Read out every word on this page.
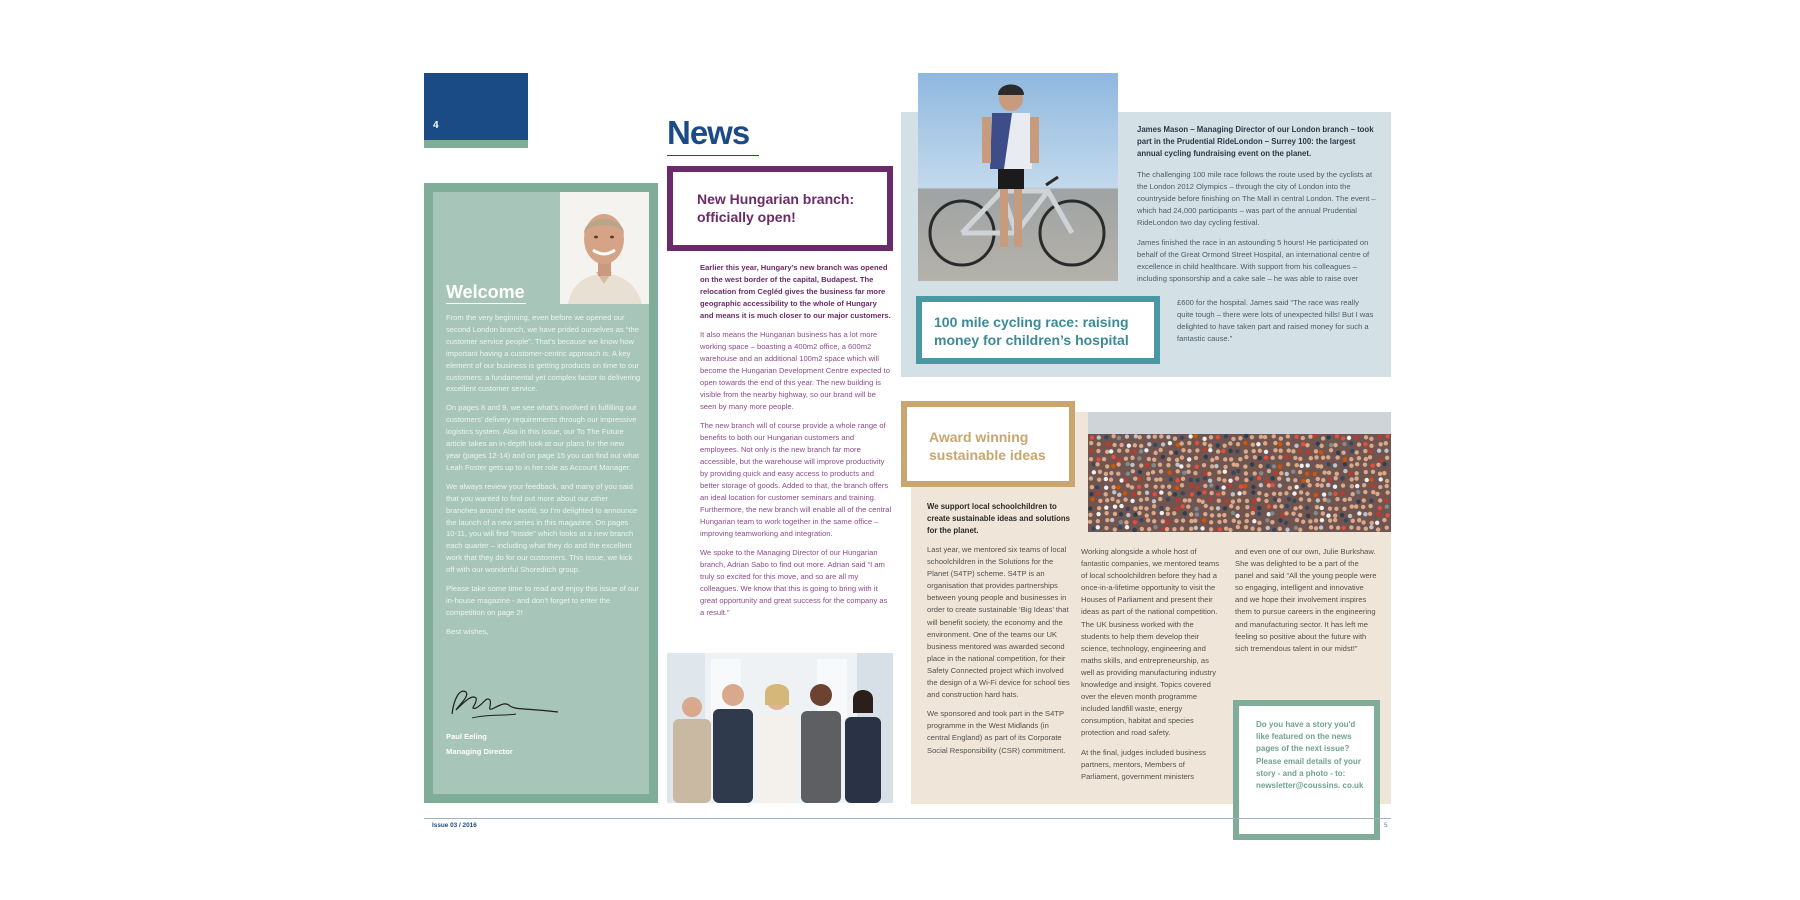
4
Welcome

From the very beginning, even before we opened our second London branch, we have prided ourselves as “the customer service people”. That’s because we know how important having a customer-centric approach is. A key element of our business is getting products on time to our customers: a fundamental yet complex factor to delivering excellent customer service.

On pages 8 and 9, we see what’s involved in fulfilling our customers’ delivery requirements through our impressive logistics system. Also in this issue, our To The Future article takes an in-depth look at our plans for the new year (pages 12-14) and on page 15 you can find out what Leah Foster gets up to in her role as Account Manager.

We always review your feedback, and many of you said that you wanted to find out more about our other branches around the world, so I’m delighted to announce the launch of a new series in this magazine. On pages 10-11, you will find “Inside” which looks at a new branch each quarter – including what they do and the excellent work that they do for our customers. This issue, we kick off with our wonderful Shoreditch group.

Please take some time to read and enjoy this issue of our in-house magazine - and don’t forget to enter the competition on page 2!

Best wishes,

Paul Eeling
Managing Director
News
New Hungarian branch: officially open!

Earlier this year, Hungary’s new branch was opened on the west border of the capital, Budapest. The relocation from Cegléd gives the business far more geographic accessibility to the whole of Hungary and means it is much closer to our major customers.

It also means the Hungarian business has a lot more working space – boasting a 400m2 office, a 600m2 warehouse and an additional 100m2 space which will become the Hungarian Development Centre expected to open towards the end of this year. The new building is visible from the nearby highway, so our brand will be seen by many more people.

The new branch will of course provide a whole range of benefits to both our Hungarian customers and employees. Not only is the new branch far more accessible, but the warehouse will improve productivity by providing quick and easy access to products and better storage of goods. Added to that, the branch offers an ideal location for customer seminars and training. Furthermore, the new branch will enable all of the central Hungarian team to work together in the same office – improving teamworking and integration.

We spoke to the Managing Director of our Hungarian branch, Adrian Sabo to find out more. Adrian said “I am truly so excited for this move, and so are all my colleagues. We know that this is going to bring with it great opportunity and great success for the company as a result.”

100 mile cycling race: raising money for children’s hospital
James Mason – Managing Director of our London branch – took part in the Prudential RideLondon – Surrey 100: the largest annual cycling fundraising event on the planet.
The challenging 100 mile race follows the route used by the cyclists at the London 2012 Olympics – through the city of London into the countryside before finishing on The Mall in central London. The event – which had 24,000 participants – was part of the annual Prudential RideLondon two day cycling festival.
James finished the race in an astounding 5 hours! He participated on behalf of the Great Ormond Street Hospital, an international centre of excellence in child healthcare. With support from his colleagues – including sponsorship and a cake sale – he was able to raise over
£600 for the hospital. James said “The race was really quite tough – there were lots of unexpected hills! But I was delighted to have taken part and raised money for such a fantastic cause.”
Award winning sustainable ideas
We support local schoolchildren to create sustainable ideas and solutions for the planet.

Last year, we mentored six teams of local schoolchildren in the Solutions for the Planet (S4TP) scheme. S4TP is an organisation that provides partnerships between young people and businesses in order to create sustainable ‘Big Ideas’ that will benefit society, the economy and the environment. One of the teams our UK business mentored was awarded second place in the national competition, for their Safety Connected project which involved the design of a Wi-Fi device for school ties and construction hard hats.

We sponsored and took part in the S4TP programme in the West Midlands (in central England) as part of its Corporate Social Responsibility (CSR) commitment.

Working alongside a whole host of fantastic companies, we mentored teams of local schoolchildren before they had a once-in-a-lifetime opportunity to visit the Houses of Parliament and present their ideas as part of the national competition. The UK business worked with the students to help them develop their science, technology, engineering and maths skills, and entrepreneurship, as well as providing manufacturing industry knowledge and insight. Topics covered over the eleven month programme included landfill waste, energy consumption, habitat and species protection and road safety.

At the final, judges included business partners, mentors, Members of Parliament, government ministers

and even one of our own, Julie Burkshaw. She was delighted to be a part of the panel and said “All the young people were so engaging, intelligent and innovative and we hope their involvement inspires them to pursue careers in the engineering and manufacturing sector. It has left me feeling so positive about the future with sich tremendous talent in our midst!”

Do you have a story you'd like featured on the news pages of the next issue? Please email details of your story - and a photo - to: newsletter@coussins. co.uk
Issue 03 / 2016	5
